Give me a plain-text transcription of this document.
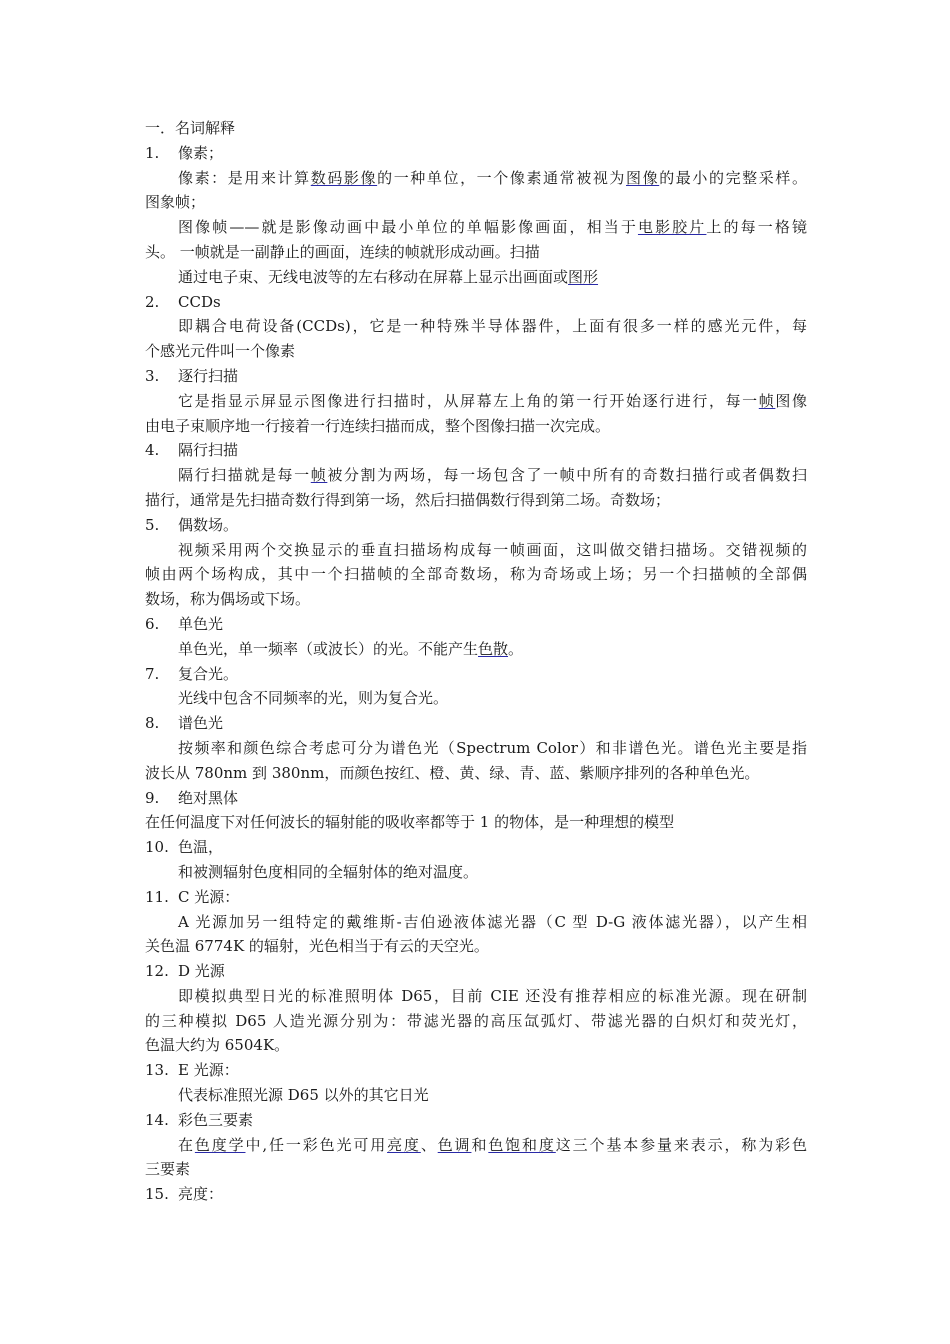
一．名词解释
1. 像素；
像素：是用来计算数码影像的一种单位，一个像素通常被视为图像的最小的完整采样。
图象帧；
图像帧——就是影像动画中最小单位的单幅影像画面，相当于电影胶片上的每一格镜
头。 一帧就是一副静止的画面，连续的帧就形成动画。扫描
通过电子束、无线电波等的左右移动在屏幕上显示出画面或图形
2. CCDs
即耦合电荷设备(CCDs)，它是一种特殊半导体器件，上面有很多一样的感光元件，每
个感光元件叫一个像素
3. 逐行扫描
它是指显示屏显示图像进行扫描时，从屏幕左上角的第一行开始逐行进行，每一帧图像
由电子束顺序地一行接着一行连续扫描而成，整个图像扫描一次完成。
4. 隔行扫描
隔行扫描就是每一帧被分割为两场，每一场包含了一帧中所有的奇数扫描行或者偶数扫
描行，通常是先扫描奇数行得到第一场，然后扫描偶数行得到第二场。奇数场；
5. 偶数场。
视频采用两个交换显示的垂直扫描场构成每一帧画面，这叫做交错扫描场。交错视频的
帧由两个场构成，其中一个扫描帧的全部奇数场，称为奇场或上场；另一个扫描帧的全部偶
数场，称为偶场或下场。
6. 单色光
单色光，单一频率（或波长）的光。不能产生色散。
7. 复合光。
光线中包含不同频率的光，则为复合光。
8. 谱色光
按频率和颜色综合考虑可分为谱色光（Spectrum Color）和非谱色光。谱色光主要是指
波长从 780nm 到 380nm，而颜色按红、橙、黄、绿、青、蓝、紫顺序排列的各种单色光。
9. 绝对黑体
在任何温度下对任何波长的辐射能的吸收率都等于 1 的物体，是一种理想的模型
10. 色温，
和被测辐射色度相同的全辐射体的绝对温度。
11. C 光源：
A 光源加另一组特定的戴维斯-吉伯逊液体滤光器（C 型 D-G 液体滤光器），以产生相
关色温 6774K 的辐射，光色相当于有云的天空光。
12. D 光源
即模拟典型日光的标准照明体 D65，目前 CIE 还没有推荐相应的标准光源。现在研制
的三种模拟 D65 人造光源分别为：带滤光器的高压氙弧灯、带滤光器的白炽灯和荧光灯，
色温大约为 6504K。
13. E 光源：
代表标准照光源 D65 以外的其它日光
14. 彩色三要素
在色度学中,任一彩色光可用亮度、色调和色饱和度这三个基本参量来表示，称为彩色
三要素
15. 亮度：
